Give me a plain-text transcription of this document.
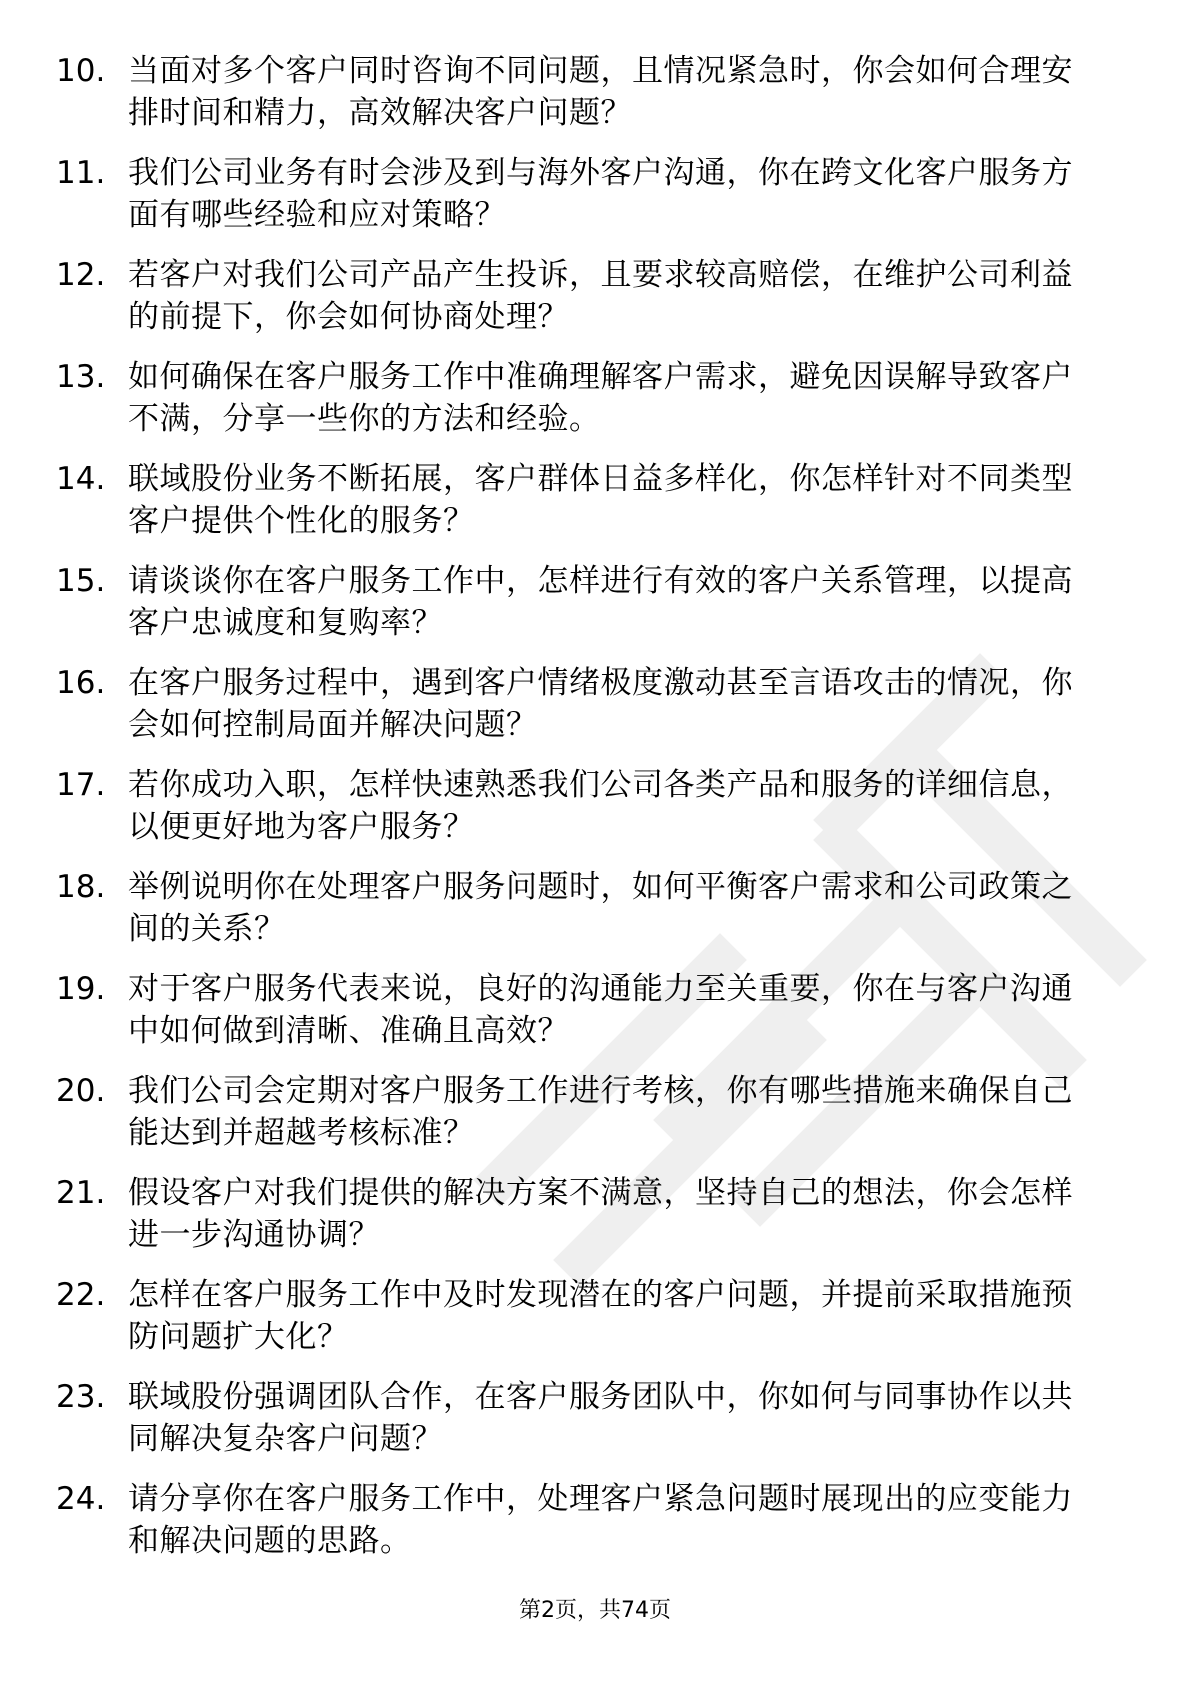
10. 当面对多个客户同时咨询不同问题，且情况紧急时，你会如何合理安排时间和精力，高效解决客户问题？
11. 我们公司业务有时会涉及到与海外客户沟通，你在跨文化客户服务方面有哪些经验和应对策略？
12. 若客户对我们公司产品产生投诉，且要求较高赔偿，在维护公司利益的前提下，你会如何协商处理？
13. 如何确保在客户服务工作中准确理解客户需求，避免因误解导致客户不满，分享一些你的方法和经验。
14. 联域股份业务不断拓展，客户群体日益多样化，你怎样针对不同类型客户提供个性化的服务？
15. 请谈谈你在客户服务工作中，怎样进行有效的客户关系管理，以提高客户忠诚度和复购率？
16. 在客户服务过程中，遇到客户情绪极度激动甚至言语攻击的情况，你会如何控制局面并解决问题？
17. 若你成功入职，怎样快速熟悉我们公司各类产品和服务的详细信息，以便更好地为客户服务？
18. 举例说明你在处理客户服务问题时，如何平衡客户需求和公司政策之间的关系？
19. 对于客户服务代表来说，良好的沟通能力至关重要，你在与客户沟通中如何做到清晰、准确且高效？
20. 我们公司会定期对客户服务工作进行考核，你有哪些措施来确保自己能达到并超越考核标准？
21. 假设客户对我们提供的解决方案不满意，坚持自己的想法，你会怎样进一步沟通协调？
22. 怎样在客户服务工作中及时发现潜在的客户问题，并提前采取措施预防问题扩大化？
23. 联域股份强调团队合作，在客户服务团队中，你如何与同事协作以共同解决复杂客户问题？
24. 请分享你在客户服务工作中，处理客户紧急问题时展现出的应变能力和解决问题的思路。
第2页，共74页
